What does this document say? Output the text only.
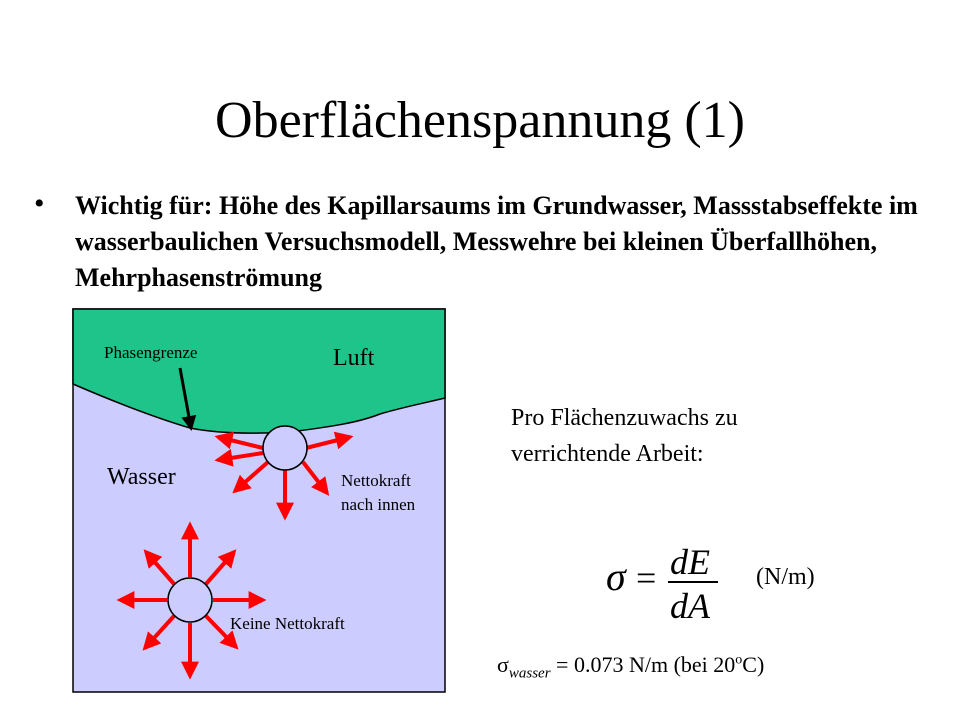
Oberflächenspannung (1)
• Wichtig für: Höhe des Kapillarsaums im Grundwasser, Massstabseffekte im wasserbaulichen Versuchsmodell, Messwehre bei kleinen Überfallhöhen, Mehrphasenströmung
Phasengrenze	Luft
Wasser	Nettokraft
nach innen
Keine Nettokraft
Pro Flächenzuwachs zu
verrichtende Arbeit:
σ = dE
dA
(N/m)
$\sigma_{wasser} = 0.073$ N/m (bei 20$^o$C)
